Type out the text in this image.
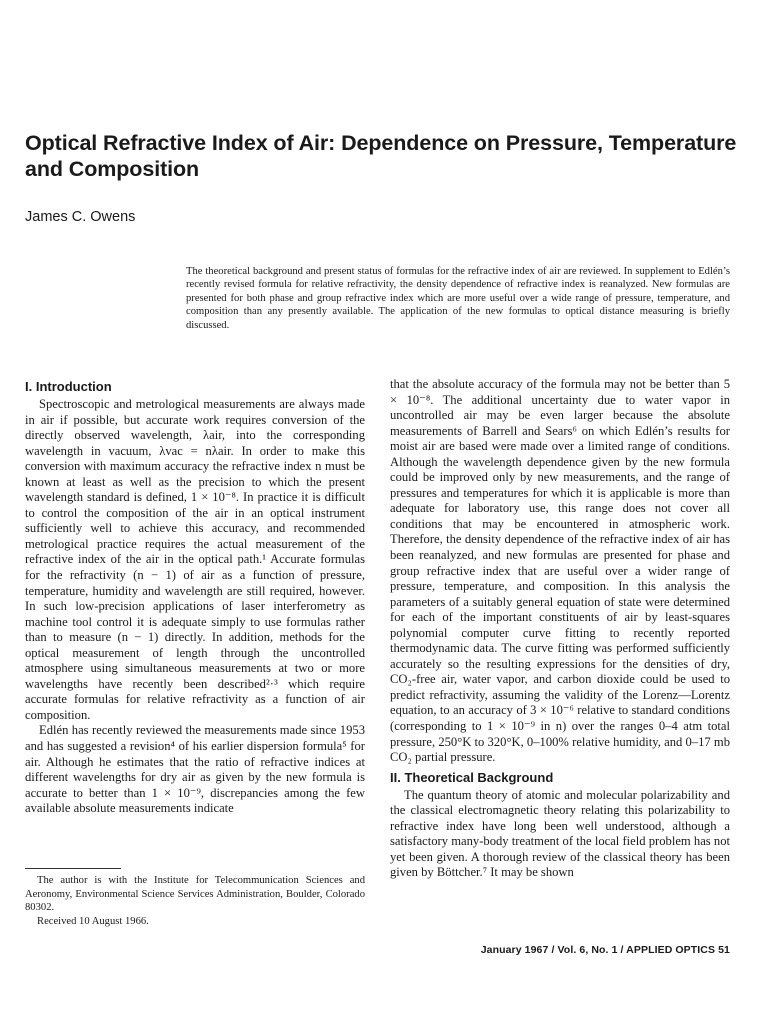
Optical Refractive Index of Air: Dependence on Pressure, Temperature and Composition

James C. Owens

The theoretical background and present status of formulas for the refractive index of air are reviewed. In supplement to Edlén’s recently revised formula for relative refractivity, the density dependence of refractive index is reanalyzed. New formulas are presented for both phase and group refractive index which are more useful over a wide range of pressure, temperature, and composition than any presently available. The application of the new formulas to optical distance measuring is briefly discussed.

I. Introduction

Spectroscopic and metrological measurements are always made in air if possible, but accurate work requires conversion of the directly observed wavelength, λair, into the corresponding wavelength in vacuum, λvac = nλair. In order to make this conversion with maximum accuracy the refractive index n must be known at least as well as the precision to which the present wavelength standard is defined, 1 × 10⁻⁸. In practice it is difficult to control the composition of the air in an optical instrument sufficiently well to achieve this accuracy, and recommended metrological practice requires the actual measurement of the refractive index of the air in the optical path.¹ Accurate formulas for the refractivity (n − 1) of air as a function of pressure, temperature, humidity and wavelength are still required, however. In such low-precision applications of laser interferometry as machine tool control it is adequate simply to use formulas rather than to measure (n − 1) directly. In addition, methods for the optical measurement of length through the uncontrolled atmosphere using simultaneous measurements at two or more wavelengths have recently been described²·³ which require accurate formulas for relative refractivity as a function of air composition.

Edlén has recently reviewed the measurements made since 1953 and has suggested a revision⁴ of his earlier dispersion formula⁵ for air. Although he estimates that the ratio of refractive indices at different wavelengths for dry air as given by the new formula is accurate to better than 1 × 10⁻⁹, discrepancies among the few available absolute measurements indicate

that the absolute accuracy of the formula may not be better than 5 × 10⁻⁸. The additional uncertainty due to water vapor in uncontrolled air may be even larger because the absolute measurements of Barrell and Sears⁶ on which Edlén’s results for moist air are based were made over a limited range of conditions. Although the wavelength dependence given by the new formula could be improved only by new measurements, and the range of pressures and temperatures for which it is applicable is more than adequate for laboratory use, this range does not cover all conditions that may be encountered in atmospheric work. Therefore, the density dependence of the refractive index of air has been reanalyzed, and new formulas are presented for phase and group refractive index that are useful over a wider range of pressure, temperature, and composition. In this analysis the parameters of a suitably general equation of state were determined for each of the important constituents of air by least-squares polynomial computer curve fitting to recently reported thermodynamic data. The curve fitting was performed sufficiently accurately so the resulting expressions for the densities of dry, CO₂-free air, water vapor, and carbon dioxide could be used to predict refractivity, assuming the validity of the Lorenz—Lorentz equation, to an accuracy of 3 × 10⁻⁶ relative to standard conditions (corresponding to 1 × 10⁻⁹ in n) over the ranges 0–4 atm total pressure, 250°K to 320°K, 0–100% relative humidity, and 0–17 mb CO₂ partial pressure.

II. Theoretical Background

The quantum theory of atomic and molecular polarizability and the classical electromagnetic theory relating this polarizability to refractive index have long been well understood, although a satisfactory many-body treatment of the local field problem has not yet been given. A thorough review of the classical theory has been given by Böttcher.⁷ It may be shown

The author is with the Institute for Telecommunication Sciences and Aeronomy, Environmental Science Services Administration, Boulder, Colorado 80302.

Received 10 August 1966.

January 1967 / Vol. 6, No. 1 / APPLIED OPTICS 51
